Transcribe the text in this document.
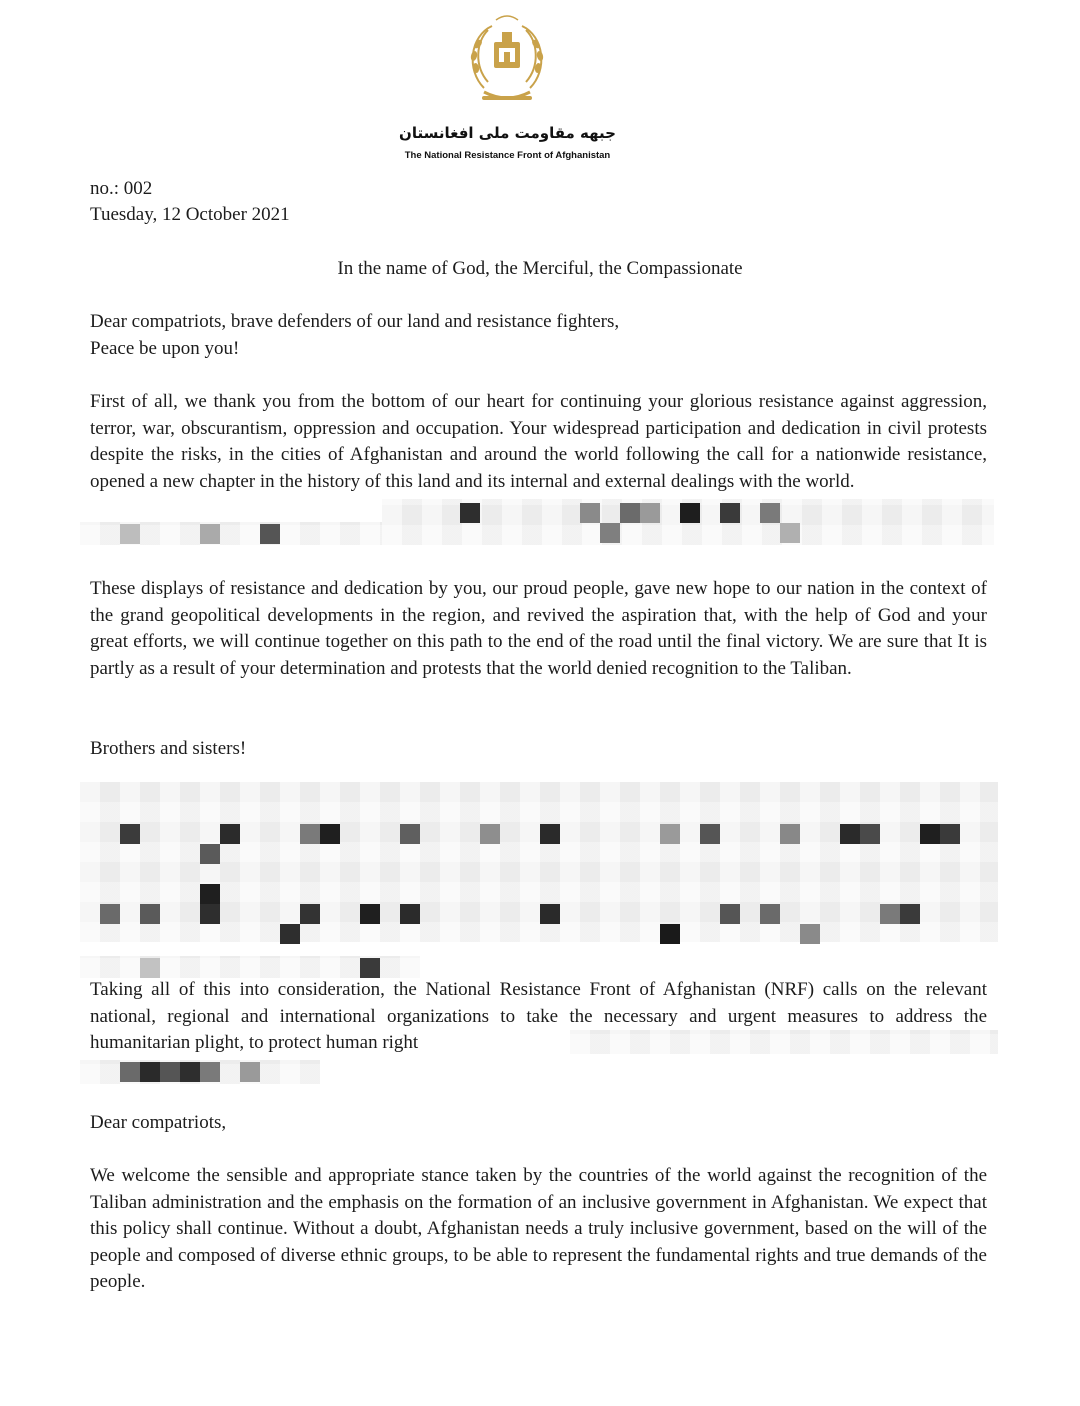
جبهه مقاومت ملی افغانستان
The National Resistance Front of Afghanistan
no.: 002
Tuesday, 12 October 2021
In the name of God, the Merciful, the Compassionate
Dear compatriots, brave defenders of our land and resistance fighters,
Peace be upon you!

First of all, we thank you from the bottom of our heart for continuing your glorious resistance against aggression, terror, war, obscurantism, oppression and occupation. Your widespread participation and dedication in civil protests despite the risks, in the cities of Afghanistan and around the world following the call for a nationwide resistance, opened a new chapter in the history of this land and its internal and external dealings with the world.

These displays of resistance and dedication by you, our proud people, gave new hope to our nation in the context of the grand geopolitical developments in the region, and revived the aspiration that, with the help of God and your great efforts, we will continue together on this path to the end of the road until the final victory. We are sure that It is partly as a result of your determination and protests that the world denied recognition to the Taliban.

Brothers and sisters!

Taking all of this into consideration, the National Resistance Front of Afghanistan (NRF) calls on the relevant national, regional and international organizations to take the necessary and urgent measures to address the humanitarian plight, to protect human right

Dear compatriots,

We welcome the sensible and appropriate stance taken by the countries of the world against the recognition of the Taliban administration and the emphasis on the formation of an inclusive government in Afghanistan. We expect that this policy shall continue. Without a doubt, Afghanistan needs a truly inclusive government, based on the will of the people and composed of diverse ethnic groups, to be able to represent the fundamental rights and true demands of the people.
